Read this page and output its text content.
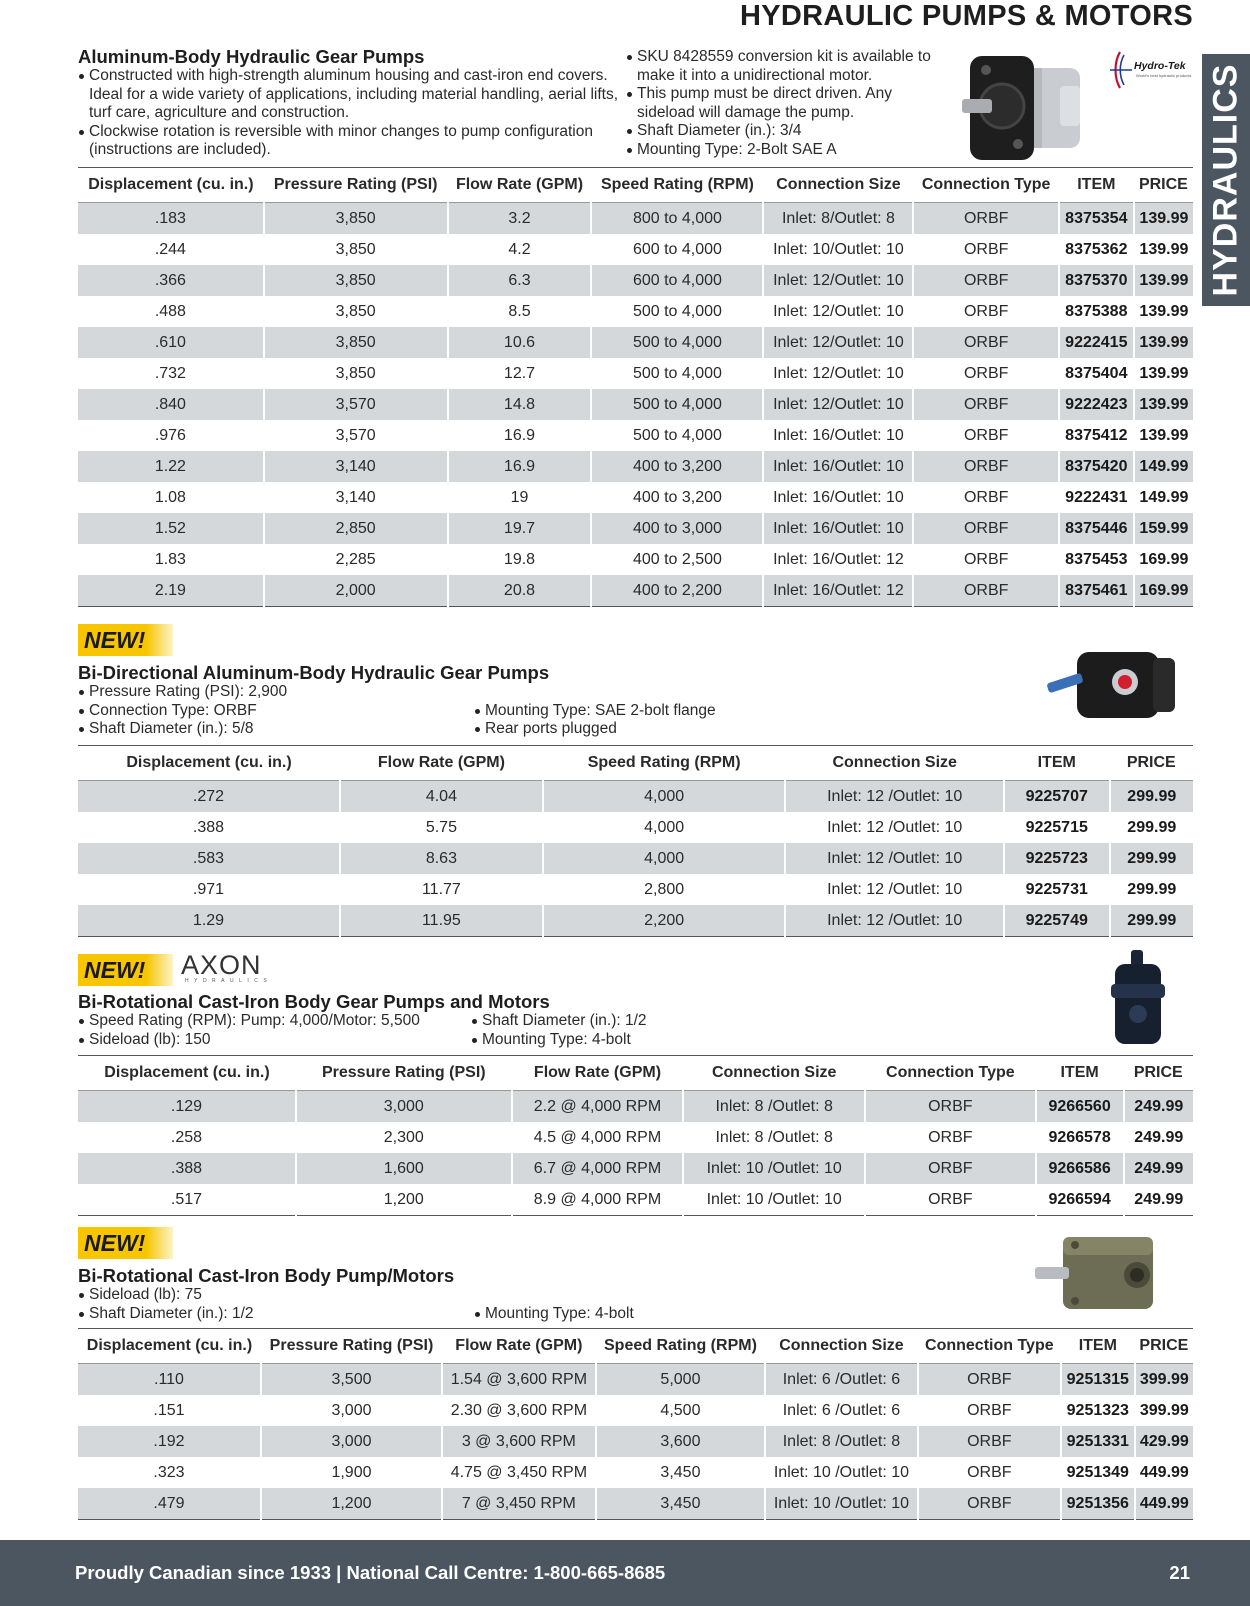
HYDRAULIC PUMPS & MOTORS
HYDRAULICS
Aluminum-Body Hydraulic Gear Pumps
Constructed with high-strength aluminum housing and cast-iron end covers. Ideal for a wide variety of applications, including material handling, aerial lifts, turf care, agriculture and construction.
Clockwise rotation is reversible with minor changes to pump configuration (instructions are included).
SKU 8428559 conversion kit is available to make it into a unidirectional motor.
This pump must be direct driven. Any sideload will damage the pump.
Shaft Diameter (in.): 3/4
Mounting Type: 2-Bolt SAE A
Hydro-Tek
World's best hydraulic products
Displacement (cu. in.)	Pressure Rating (PSI)	Flow Rate (GPM)	Speed Rating (RPM)	Connection Size	Connection Type	ITEM	PRICE
.183	3,850	3.2	800 to 4,000	Inlet: 8/Outlet: 8	ORBF	8375354	139.99
.244	3,850	4.2	600 to 4,000	Inlet: 10/Outlet: 10	ORBF	8375362	139.99
.366	3,850	6.3	600 to 4,000	Inlet: 12/Outlet: 10	ORBF	8375370	139.99
.488	3,850	8.5	500 to 4,000	Inlet: 12/Outlet: 10	ORBF	8375388	139.99
.610	3,850	10.6	500 to 4,000	Inlet: 12/Outlet: 10	ORBF	9222415	139.99
.732	3,850	12.7	500 to 4,000	Inlet: 12/Outlet: 10	ORBF	8375404	139.99
.840	3,570	14.8	500 to 4,000	Inlet: 12/Outlet: 10	ORBF	9222423	139.99
.976	3,570	16.9	500 to 4,000	Inlet: 16/Outlet: 10	ORBF	8375412	139.99
1.22	3,140	16.9	400 to 3,200	Inlet: 16/Outlet: 10	ORBF	8375420	149.99
1.08	3,140	19	400 to 3,200	Inlet: 16/Outlet: 10	ORBF	9222431	149.99
1.52	2,850	19.7	400 to 3,000	Inlet: 16/Outlet: 10	ORBF	8375446	159.99
1.83	2,285	19.8	400 to 2,500	Inlet: 16/Outlet: 12	ORBF	8375453	169.99
2.19	2,000	20.8	400 to 2,200	Inlet: 16/Outlet: 12	ORBF	8375461	169.99
NEW!
Bi-Directional Aluminum-Body Hydraulic Gear Pumps
Pressure Rating (PSI): 2,900
Connection Type: ORBF
Shaft Diameter (in.): 5/8
Mounting Type: SAE 2-bolt flange
Rear ports plugged
Displacement (cu. in.)	Flow Rate (GPM)	Speed Rating (RPM)	Connection Size	ITEM	PRICE
.272	4.04	4,000	Inlet: 12 /Outlet: 10	9225707	299.99
.388	5.75	4,000	Inlet: 12 /Outlet: 10	9225715	299.99
.583	8.63	4,000	Inlet: 12 /Outlet: 10	9225723	299.99
.971	11.77	2,800	Inlet: 12 /Outlet: 10	9225731	299.99
1.29	11.95	2,200	Inlet: 12 /Outlet: 10	9225749	299.99
NEW!	AXON
HYDRAULICS
Bi-Rotational Cast-Iron Body Gear Pumps and Motors
Speed Rating (RPM): Pump: 4,000/Motor: 5,500
Sideload (lb): 150
Shaft Diameter (in.): 1/2
Mounting Type: 4-bolt
Displacement (cu. in.)	Pressure Rating (PSI)	Flow Rate (GPM)	Connection Size	Connection Type	ITEM	PRICE
.129	3,000	2.2 @ 4,000 RPM	Inlet: 8 /Outlet: 8	ORBF	9266560	249.99
.258	2,300	4.5 @ 4,000 RPM	Inlet: 8 /Outlet: 8	ORBF	9266578	249.99
.388	1,600	6.7 @ 4,000 RPM	Inlet: 10 /Outlet: 10	ORBF	9266586	249.99
.517	1,200	8.9 @ 4,000 RPM	Inlet: 10 /Outlet: 10	ORBF	9266594	249.99
NEW!
Bi-Rotational Cast-Iron Body Pump/Motors
Sideload (lb): 75
Shaft Diameter (in.): 1/2	Mounting Type: 4-bolt
Displacement (cu. in.)	Pressure Rating (PSI)	Flow Rate (GPM)	Speed Rating (RPM)	Connection Size	Connection Type	ITEM	PRICE
.110	3,500	1.54 @ 3,600 RPM	5,000	Inlet: 6 /Outlet: 6	ORBF	9251315	399.99
.151	3,000	2.30 @ 3,600 RPM	4,500	Inlet: 6 /Outlet: 6	ORBF	9251323	399.99
.192	3,000	3 @ 3,600 RPM	3,600	Inlet: 8 /Outlet: 8	ORBF	9251331	429.99
.323	1,900	4.75 @ 3,450 RPM	3,450	Inlet: 10 /Outlet: 10	ORBF	9251349	449.99
.479	1,200	7 @ 3,450 RPM	3,450	Inlet: 10 /Outlet: 10	ORBF	9251356	449.99
Proudly Canadian since 1933 | National Call Centre: 1-800-665-8685	21
